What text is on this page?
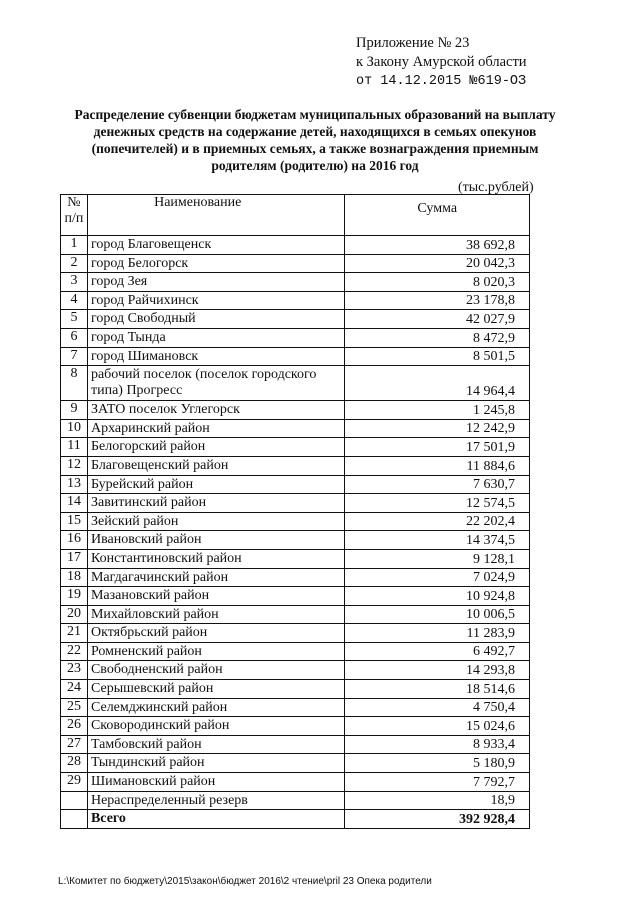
Приложение № 23
к Закону Амурской области
от 14.12.2015 №619-ОЗ
Распределение субвенции бюджетам муниципальных образований на выплату денежных средств на содержание детей, находящихся в семьях опекунов (попечителей) и в приемных семьях, а также вознаграждения приемным родителям (родителю) на 2016 год
(тыс.рублей)
№ п/п	Наименование	Сумма
1	город Благовещенск	38 692,8
2	город Белогорск	20 042,3
3	город Зея	8 020,3
4	город Райчихинск	23 178,8
5	город Свободный	42 027,9
6	город Тында	8 472,9
7	город Шимановск	8 501,5
8	рабочий поселок (поселок городского типа) Прогресс	14 964,4
9	ЗАТО поселок Углегорск	1 245,8
10	Архаринский район	12 242,9
11	Белогорский район	17 501,9
12	Благовещенский район	11 884,6
13	Бурейский район	7 630,7
14	Завитинский район	12 574,5
15	Зейский район	22 202,4
16	Ивановский район	14 374,5
17	Константиновский район	9 128,1
18	Магдагачинский район	7 024,9
19	Мазановский район	10 924,8
20	Михайловский район	10 006,5
21	Октябрьский район	11 283,9
22	Ромненский район	6 492,7
23	Свободненский район	14 293,8
24	Серышевский район	18 514,6
25	Селемджинский район	4 750,4
26	Сковородинский район	15 024,6
27	Тамбовский район	8 933,4
28	Тындинский район	5 180,9
29	Шимановский район	7 792,7
	Нераспределенный резерв	18,9
	Всего	392 928,4
L:\Комитет по бюджету\2015\закон\бюджет 2016\2 чтение\pril 23 Опека родители
